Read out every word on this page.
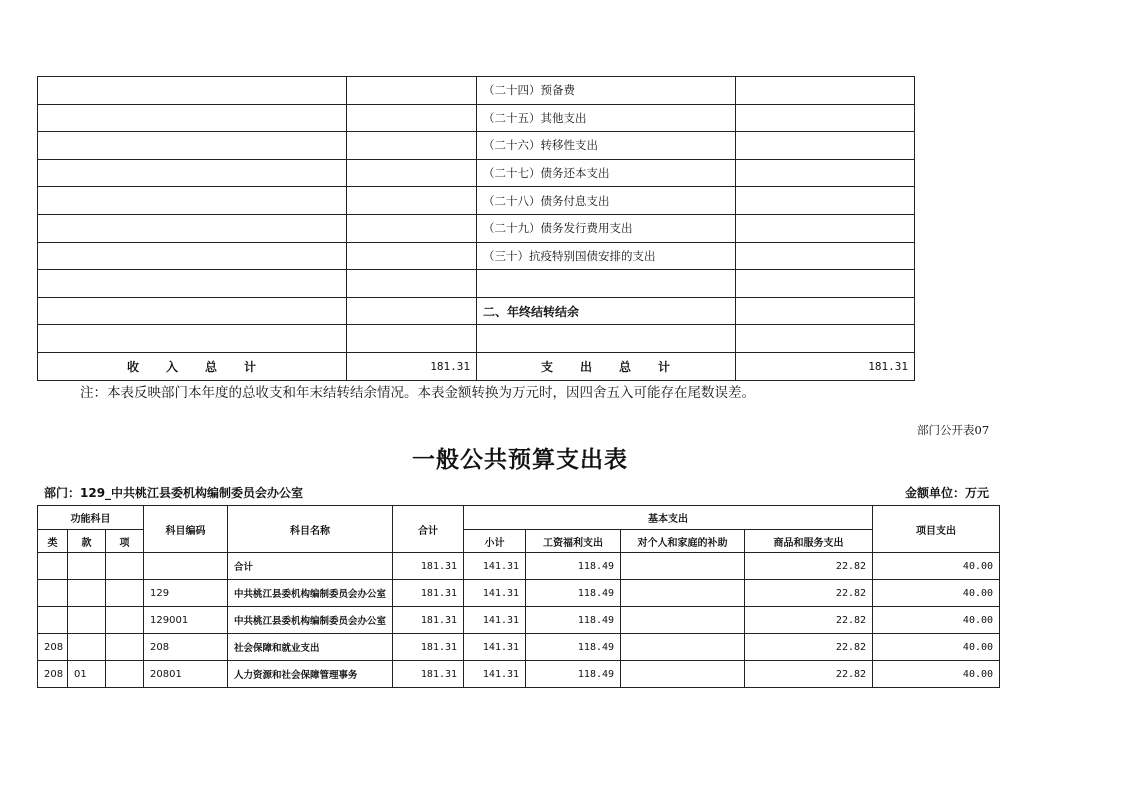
		（二十四）预备费	
		（二十五）其他支出	
		（二十六）转移性支出	
		（二十七）债务还本支出	
		（二十八）债务付息支出	
		（二十九）债务发行费用支出	
		（三十）抗疫特别国债安排的支出	

		二、年终结转结余	

收 入 总 计	181.31	支 出 总 计	181.31
注：本表反映部门本年度的总收支和年末结转结余情况。本表金额转换为万元时，因四舍五入可能存在尾数误差。
部门公开表07
一般公共预算支出表
部门：129_中共桃江县委机构编制委员会办公室	金额单位：万元
功能科目			科目编码	科目名称	合计	基本支出				项目支出
						小计	工资福利支出	对个人和家庭的补助	商品和服务支出	
类	款	项								
				合计	181.31	141.31	118.49		22.82	40.00
			129	中共桃江县委机构编制委员会办公室	181.31	141.31	118.49		22.82	40.00
			129001	中共桃江县委机构编制委员会办公室	181.31	141.31	118.49		22.82	40.00
208			208	社会保障和就业支出	181.31	141.31	118.49		22.82	40.00
208	01		20801	人力资源和社会保障管理事务	181.31	141.31	118.49		22.82	40.00
